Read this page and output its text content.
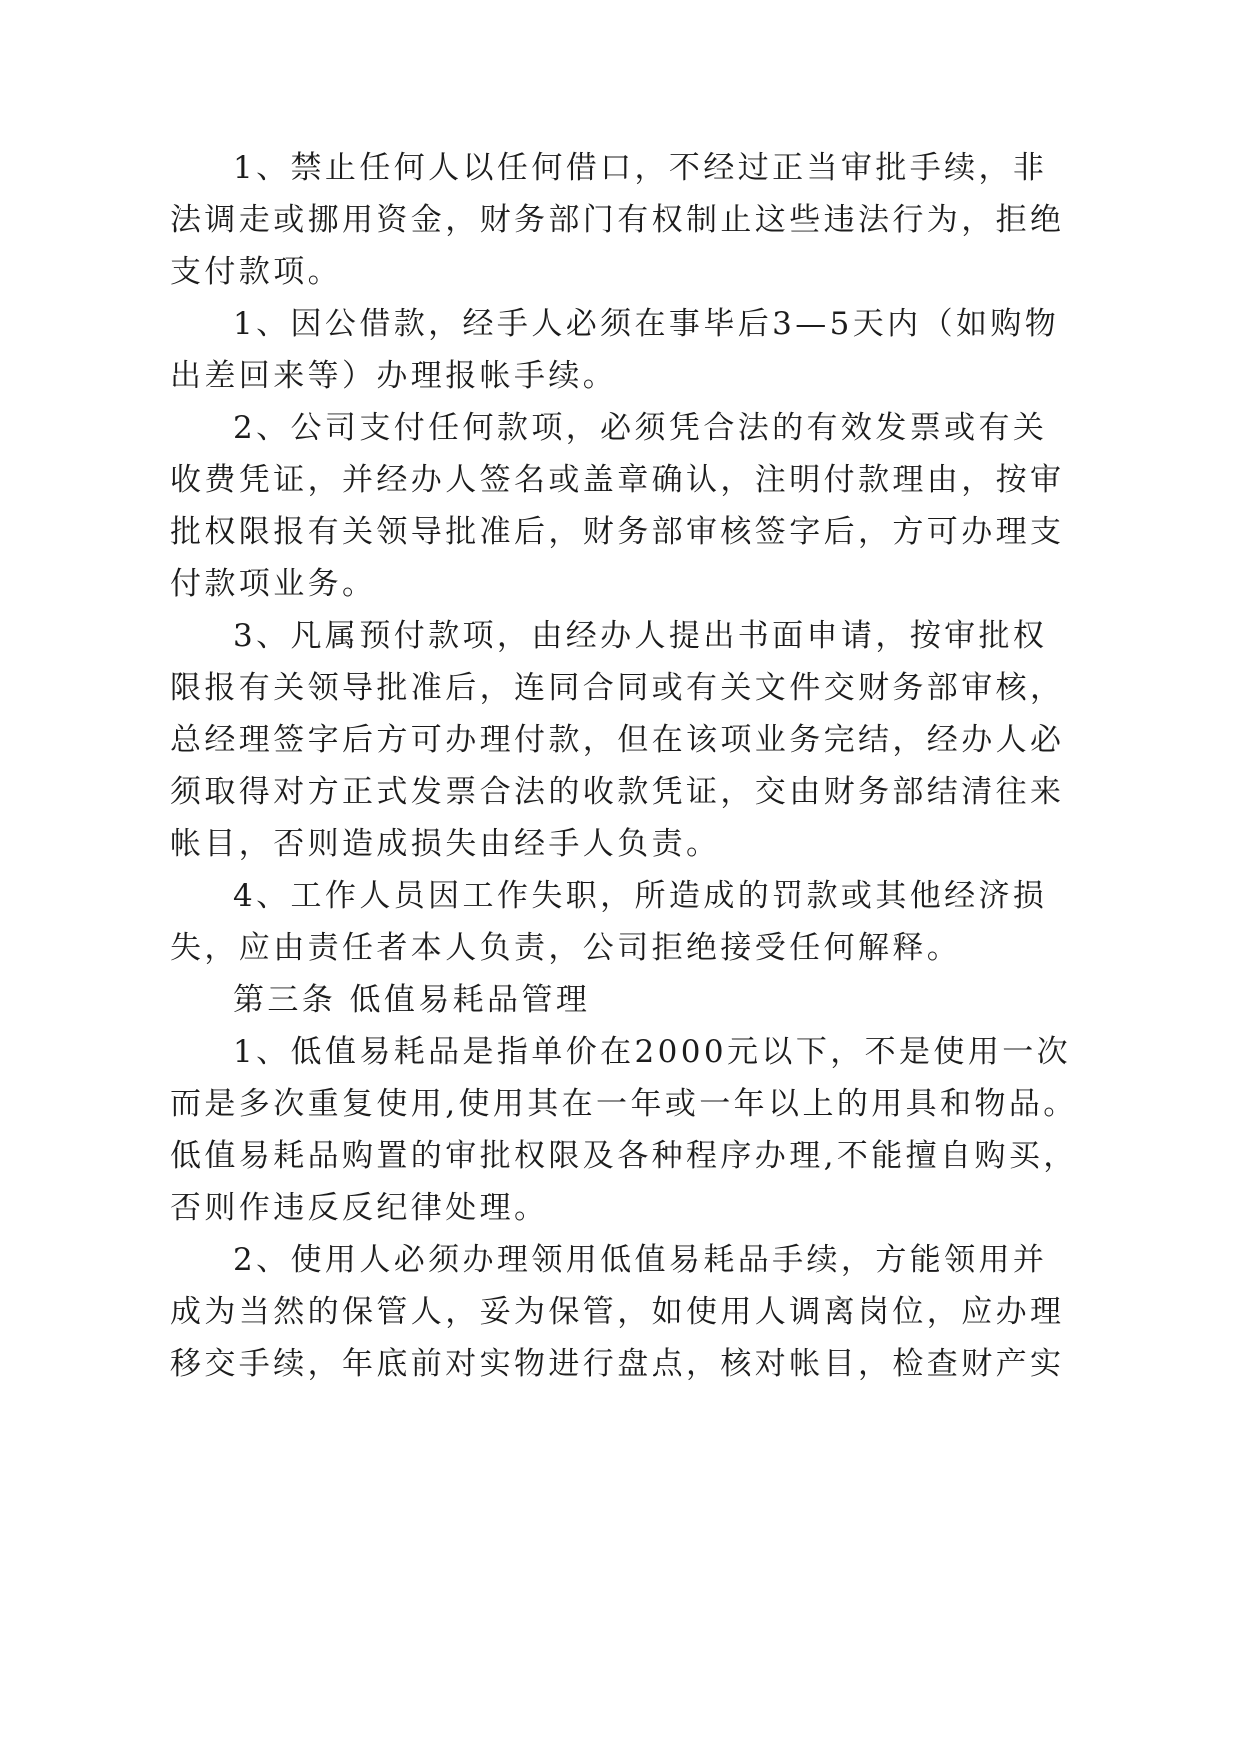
1、禁止任何人以任何借口，不经过正当审批手续，非
法调走或挪用资金，财务部门有权制止这些违法行为，拒绝
支付款项。
1、因公借款，经手人必须在事毕后3—5天内（如购物
出差回来等）办理报帐手续。
2、公司支付任何款项，必须凭合法的有效发票或有关
收费凭证，并经办人签名或盖章确认，注明付款理由，按审
批权限报有关领导批准后，财务部审核签字后，方可办理支
付款项业务。
3、凡属预付款项，由经办人提出书面申请，按审批权
限报有关领导批准后，连同合同或有关文件交财务部审核，
总经理签字后方可办理付款，但在该项业务完结，经办人必
须取得对方正式发票合法的收款凭证，交由财务部结清往来
帐目，否则造成损失由经手人负责。
4、工作人员因工作失职，所造成的罚款或其他经济损
失，应由责任者本人负责，公司拒绝接受任何解释。
第三条 低值易耗品管理
1、低值易耗品是指单价在2000元以下，不是使用一次
而是多次重复使用,使用其在一年或一年以上的用具和物品。
低值易耗品购置的审批权限及各种程序办理,不能擅自购买，
否则作违反反纪律处理。
2、使用人必须办理领用低值易耗品手续，方能领用并
成为当然的保管人，妥为保管，如使用人调离岗位，应办理
移交手续，年底前对实物进行盘点，核对帐目，检查财产实
